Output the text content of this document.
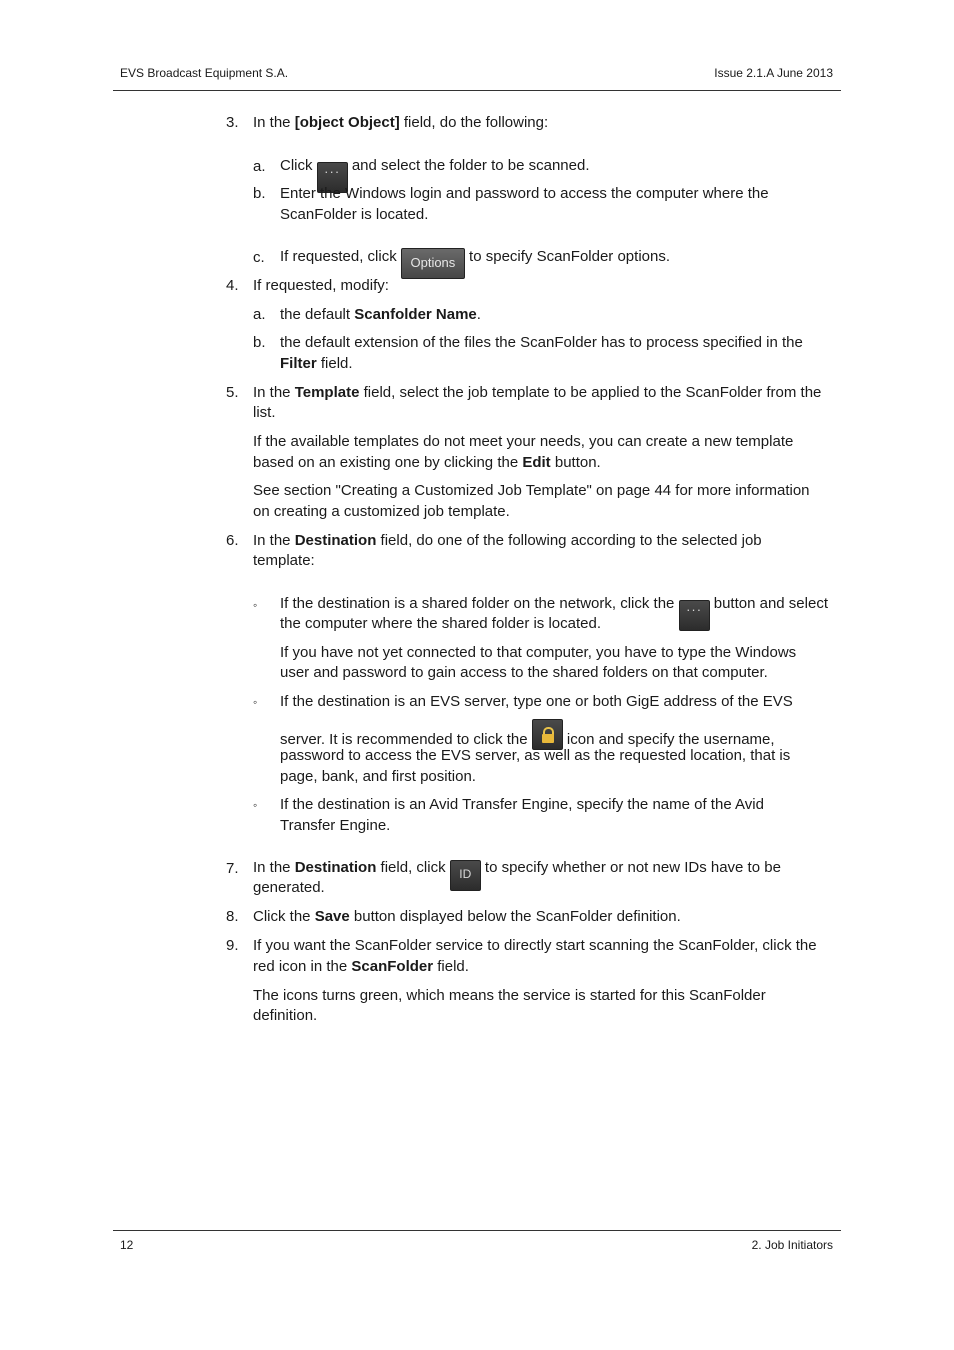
EVS Broadcast Equipment S.A.	Issue 2.1.A June 2013
3. In the [object Object] field, do the following:
a. Click ··· and select the folder to be scanned.
b. Enter the Windows login and password to access the computer where the
ScanFolder is located.
c. If requested, click Options to specify ScanFolder options.
4. If requested, modify:
a. the default Scanfolder Name.
b. the default extension of the files the ScanFolder has to process specified in the
Filter field.
5. In the Template field, select the job template to be applied to the ScanFolder from the
list.
If the available templates do not meet your needs, you can create a new template
based on an existing one by clicking the Edit button.
See section "Creating a Customized Job Template" on page 44 for more information
on creating a customized job template.
6. In the Destination field, do one of the following according to the selected job
template:
◦ If the destination is a shared folder on the network, click the ··· button and select
the computer where the shared folder is located.
If you have not yet connected to that computer, you have to type the Windows
user and password to gain access to the shared folders on that computer.
◦ If the destination is an EVS server, type one or both GigE address of the EVS
server. It is recommended to click the
icon and specify the username,
password to access the EVS server, as well as the requested location, that is
page, bank, and first position.
◦ If the destination is an Avid Transfer Engine, specify the name of the Avid
Transfer Engine.
7. In the Destination field, click ID to specify whether or not new IDs have to be
generated.
8. Click the Save button displayed below the ScanFolder definition.
9. If you want the ScanFolder service to directly start scanning the ScanFolder, click the
red icon in the ScanFolder field.
The icons turns green, which means the service is started for this ScanFolder
definition.
12	2. Job Initiators
